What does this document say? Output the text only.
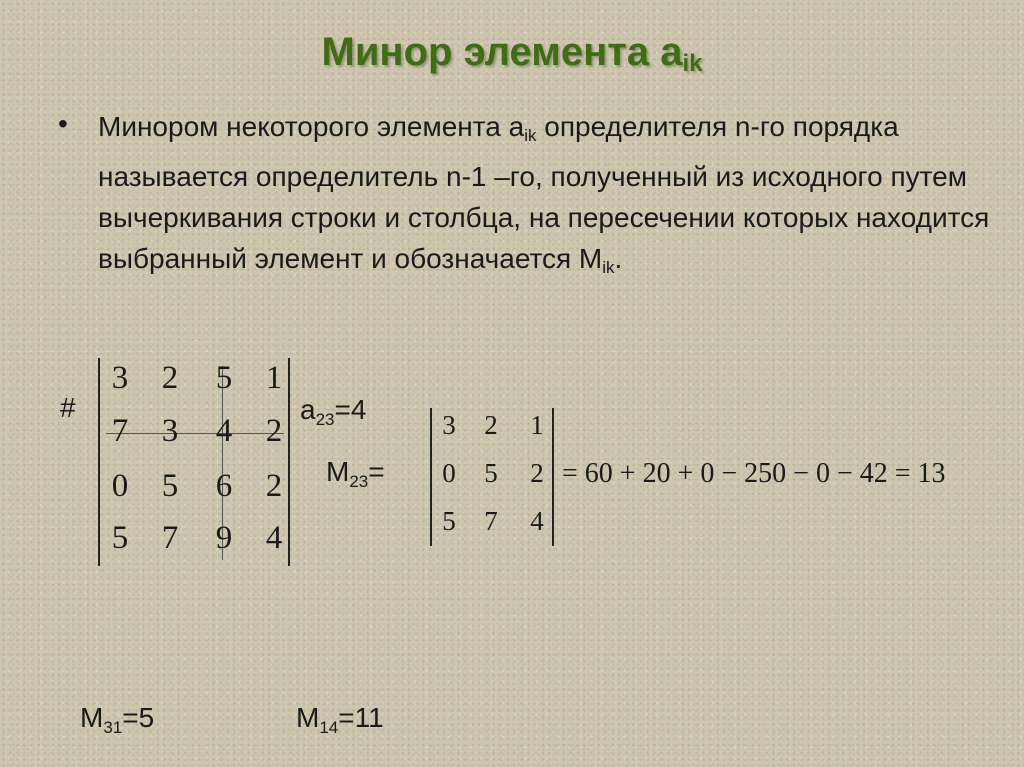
Минор элемента $a_{ik}$
• Минором некоторого элемента $a_{ik}$ определителя n-го порядка называется определитель n-1 –го, полученный из исходного путем вычеркивания строки и столбца, на пересечении которых находится выбранный элемент и обозначается $M_{ik}$.
#
3	2	5	1
7	3	4	2
0	5	6	2
5	7	9	4
$a_{23}=4$
$M_{23}=$
3	2	1
0	5	2
5	7	4
= 60 + 20 + 0 − 250 − 0 − 42 = 13
$M_{31}=5$	$M_{14}=11$
